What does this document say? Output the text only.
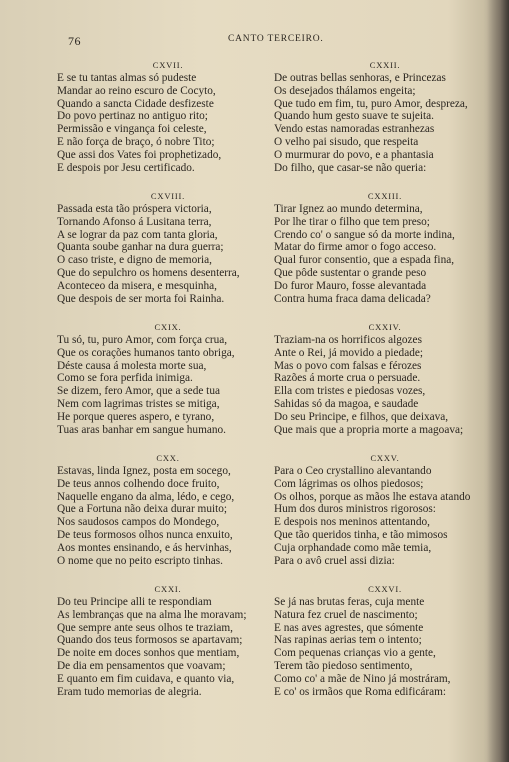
76	CANTO TERCEIRO.
CXVII.
E se tu tantas almas só pudeste
Mandar ao reino escuro de Cocyto,
Quando a sancta Cidade desfizeste
Do povo pertinaz no antiguo rito;
Permissão e vingança foi celeste,
E não força de braço, ó nobre Tito;
Que assi dos Vates foi prophetizado,
E despois por Jesu certificado.
CXVIII.
Passada esta tão próspera victoria,
Tornando Afonso á Lusitana terra,
A se lograr da paz com tanta gloria,
Quanta soube ganhar na dura guerra;
O caso triste, e digno de memoria,
Que do sepulchro os homens desenterra,
Aconteceo da misera, e mesquinha,
Que despois de ser morta foi Rainha.
CXIX.
Tu só, tu, puro Amor, com força crua,
Que os corações humanos tanto obriga,
Déste causa á molesta morte sua,
Como se fora perfida inimiga.
Se dizem, fero Amor, que a sede tua
Nem com lagrimas tristes se mitiga,
He porque queres aspero, e tyrano,
Tuas aras banhar em sangue humano.
CXX.
Estavas, linda Ignez, posta em socego,
De teus annos colhendo doce fruito,
Naquelle engano da alma, lédo, e cego,
Que a Fortuna não deixa durar muito;
Nos saudosos campos do Mondego,
De teus formosos olhos nunca enxuito,
Aos montes ensinando, e ás hervinhas,
O nome que no peito escripto tinhas.
CXXI.
Do teu Principe alli te respondiam
As lembranças que na alma lhe moravam;
Que sempre ante seus olhos te traziam,
Quando dos teus formosos se apartavam;
De noite em doces sonhos que mentiam,
De dia em pensamentos que voavam;
E quanto em fim cuidava, e quanto via,
Eram tudo memorias de alegria.
CXXII.
De outras bellas senhoras, e Princezas
Os desejados thálamos engeita;
Que tudo em fim, tu, puro Amor, despreza,
Quando hum gesto suave te sujeita.
Vendo estas namoradas estranhezas
O velho pai sisudo, que respeita
O murmurar do povo, e a phantasia
Do filho, que casar-se não queria:
CXXIII.
Tirar Ignez ao mundo determina,
Por lhe tirar o filho que tem preso;
Crendo co' o sangue só da morte indina,
Matar do firme amor o fogo acceso.
Qual furor consentio, que a espada fina,
Que pôde sustentar o grande peso
Do furor Mauro, fosse alevantada
Contra huma fraca dama delicada?
CXXIV.
Traziam-na os horrificos algozes
Ante o Rei, já movido a piedade;
Mas o povo com falsas e férozes
Razões á morte crua o persuade.
Ella com tristes e piedosas vozes,
Sahidas só da magoa, e saudade
Do seu Principe, e filhos, que deixava,
Que mais que a propria morte a magoava;
CXXV.
Para o Ceo crystallino alevantando
Com lágrimas os olhos piedosos;
Os olhos, porque as mãos lhe estava atando
Hum dos duros ministros rigorosos:
E despois nos meninos attentando,
Que tão queridos tinha, e tão mimosos
Cuja orphandade como mãe temia,
Para o avô cruel assi dizia:
CXXVI.
Se já nas brutas feras, cuja mente
Natura fez cruel de nascimento;
E nas aves agrestes, que sómente
Nas rapinas aerias tem o intento;
Com pequenas crianças vio a gente,
Terem tão piedoso sentimento,
Como co' a mãe de Nino já mostráram,
E co' os irmãos que Roma edificáram:
